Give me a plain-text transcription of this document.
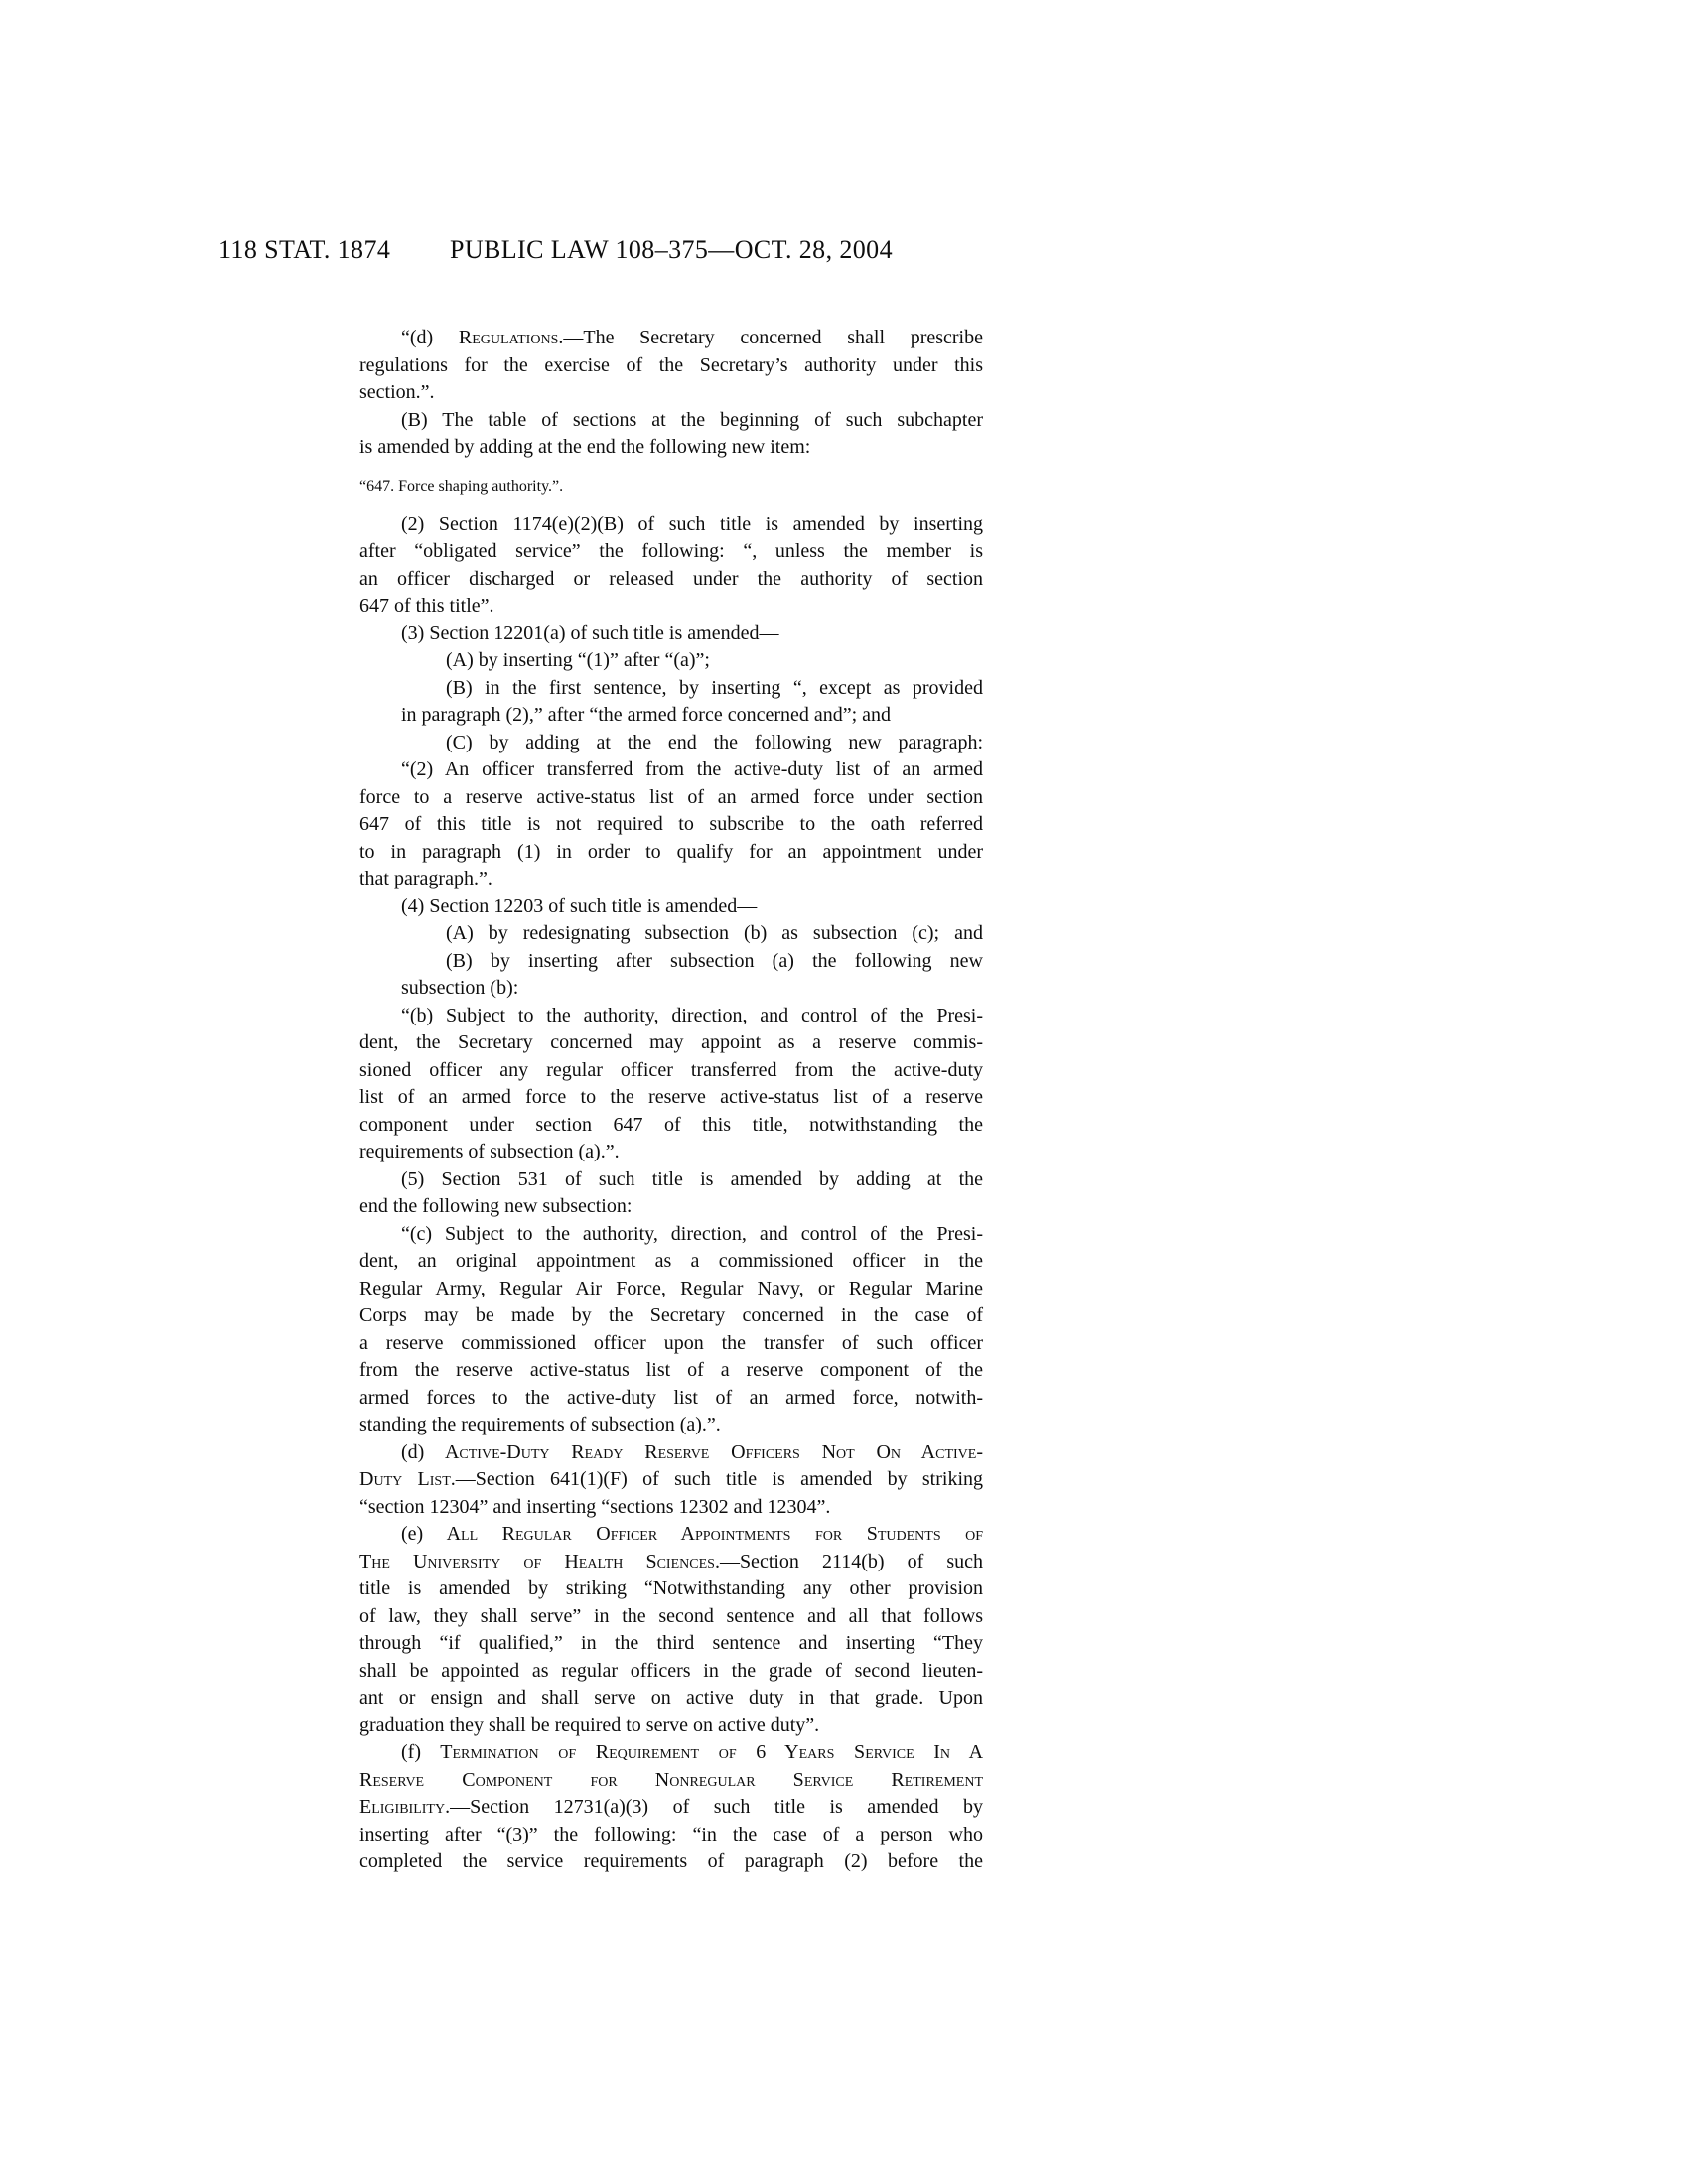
118 STAT. 1874	PUBLIC LAW 108–375—OCT. 28, 2004
“(d) Regulations.—The Secretary concerned shall prescribe
regulations for the exercise of the Secretary’s authority under this
section.”.
(B) The table of sections at the beginning of such subchapter
is amended by adding at the end the following new item:
“647. Force shaping authority.”.
(2) Section 1174(e)(2)(B) of such title is amended by inserting
after “obligated service” the following: “, unless the member is
an officer discharged or released under the authority of section
647 of this title”.
(3) Section 12201(a) of such title is amended—
(A) by inserting “(1)” after “(a)”;
(B) in the first sentence, by inserting “, except as provided
in paragraph (2),” after “the armed force concerned and”; and
(C) by adding at the end the following new paragraph:
“(2) An officer transferred from the active-duty list of an armed
force to a reserve active-status list of an armed force under section
647 of this title is not required to subscribe to the oath referred
to in paragraph (1) in order to qualify for an appointment under
that paragraph.”.
(4) Section 12203 of such title is amended—
(A) by redesignating subsection (b) as subsection (c); and
(B) by inserting after subsection (a) the following new
subsection (b):
“(b) Subject to the authority, direction, and control of the Presi-
dent, the Secretary concerned may appoint as a reserve commis-
sioned officer any regular officer transferred from the active-duty
list of an armed force to the reserve active-status list of a reserve
component under section 647 of this title, notwithstanding the
requirements of subsection (a).”.
(5) Section 531 of such title is amended by adding at the
end the following new subsection:
“(c) Subject to the authority, direction, and control of the Presi-
dent, an original appointment as a commissioned officer in the
Regular Army, Regular Air Force, Regular Navy, or Regular Marine
Corps may be made by the Secretary concerned in the case of
a reserve commissioned officer upon the transfer of such officer
from the reserve active-status list of a reserve component of the
armed forces to the active-duty list of an armed force, notwith-
standing the requirements of subsection (a).”.
(d) Active-Duty Ready Reserve Officers Not On Active-
Duty List.—Section 641(1)(F) of such title is amended by striking
“section 12304” and inserting “sections 12302 and 12304”.
(e) All Regular Officer Appointments for Students of
The University of Health Sciences.—Section 2114(b) of such
title is amended by striking “Notwithstanding any other provision
of law, they shall serve” in the second sentence and all that follows
through “if qualified,” in the third sentence and inserting “They
shall be appointed as regular officers in the grade of second lieuten-
ant or ensign and shall serve on active duty in that grade. Upon
graduation they shall be required to serve on active duty”.
(f) Termination of Requirement of 6 Years Service In A
Reserve Component for Nonregular Service Retirement
Eligibility.—Section 12731(a)(3) of such title is amended by
inserting after “(3)” the following: “in the case of a person who
completed the service requirements of paragraph (2) before the
